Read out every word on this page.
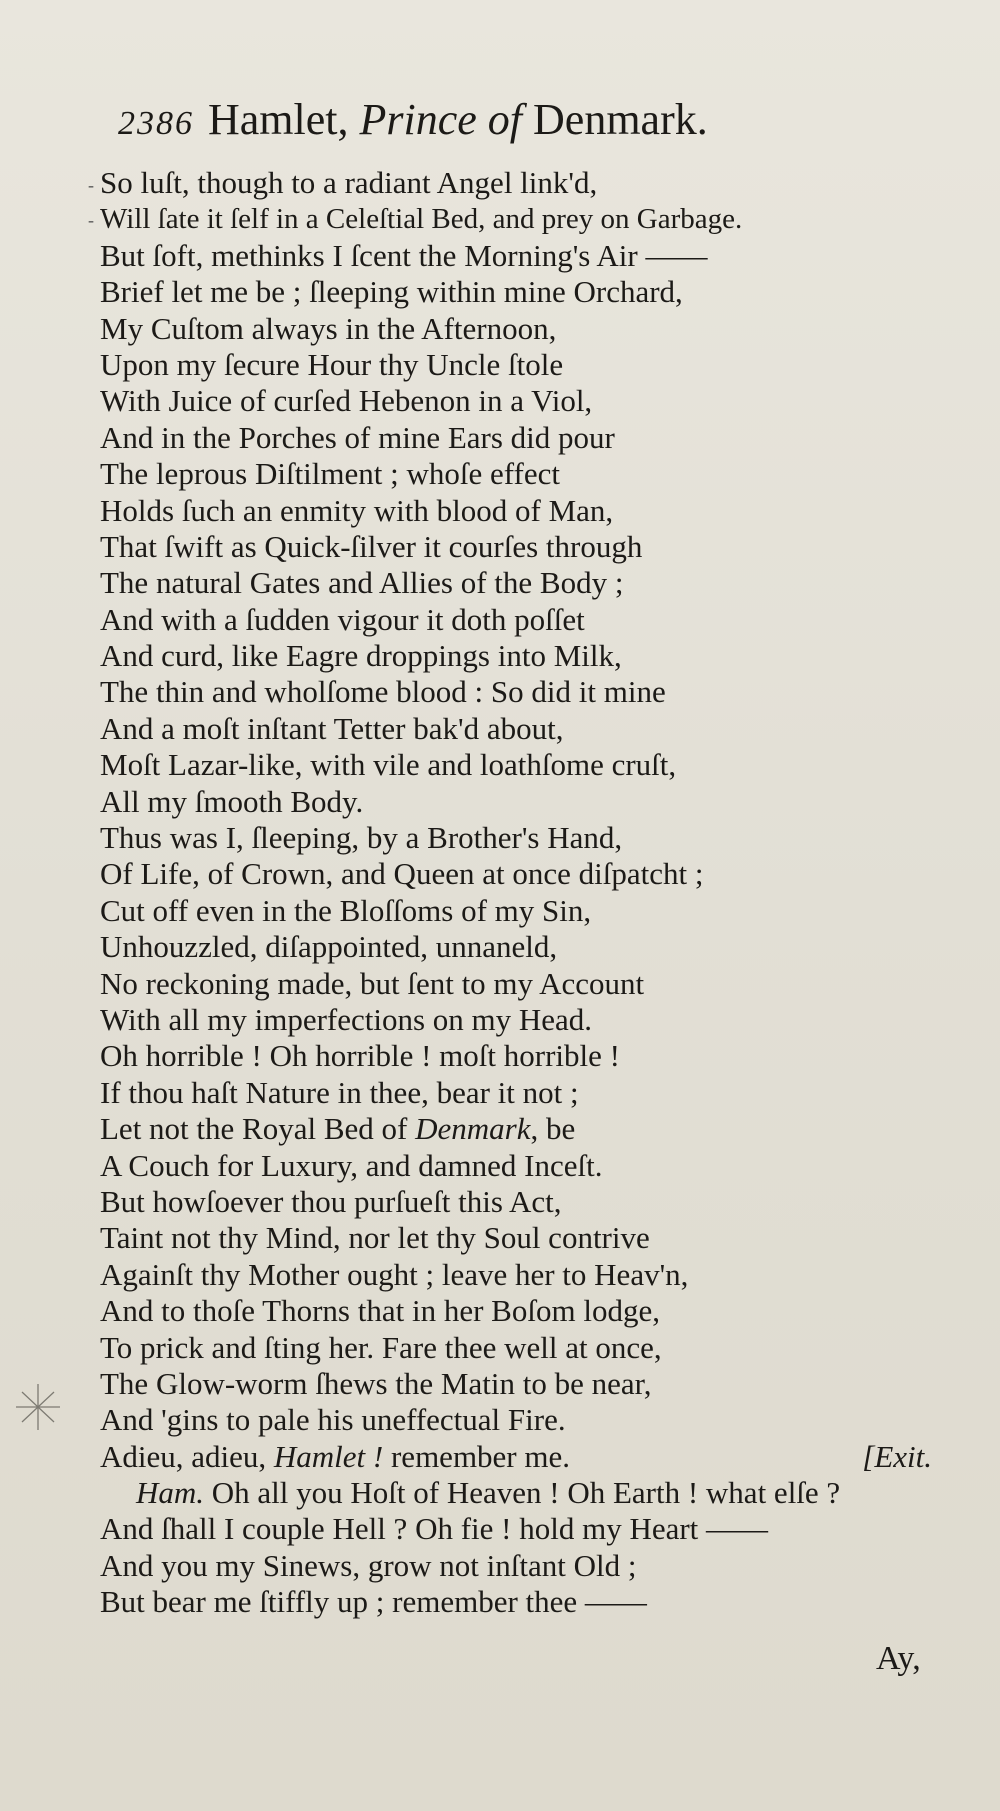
2386 Hamlet, Prince of Denmark.
-
-
So luſt, though to a radiant Angel link'd,
Will ſate it ſelf in a Celeſtial Bed, and prey on Garbage.
But ſoft, methinks I ſcent the Morning's Air ——
Brief let me be ; ſleeping within mine Orchard,
My Cuſtom always in the Afternoon,
Upon my ſecure Hour thy Uncle ſtole
With Juice of curſed Hebenon in a Viol,
And in the Porches of mine Ears did pour
The leprous Diſtilment ; whoſe effect
Holds ſuch an enmity with blood of Man,
That ſwift as Quick-ſilver it courſes through
The natural Gates and Allies of the Body ;
And with a ſudden vigour it doth poſſet
And curd, like Eagre droppings into Milk,
The thin and wholſome blood : So did it mine
And a moſt inſtant Tetter bak'd about,
Moſt Lazar-like, with vile and loathſome cruſt,
All my ſmooth Body.
Thus was I, ſleeping, by a Brother's Hand,
Of Life, of Crown, and Queen at once diſpatcht ;
Cut off even in the Bloſſoms of my Sin,
Unhouzzled, diſappointed, unnaneld,
No reckoning made, but ſent to my Account
With all my imperfections on my Head.
Oh horrible ! Oh horrible ! moſt horrible !
If thou haſt Nature in thee, bear it not ;
Let not the Royal Bed of Denmark, be
A Couch for Luxury, and damned Inceſt.
But howſoever thou purſueſt this Act,
Taint not thy Mind, nor let thy Soul contrive
Againſt thy Mother ought ; leave her to Heav'n,
And to thoſe Thorns that in her Boſom lodge,
To prick and ſting her. Fare thee well at once,
The Glow-worm ſhews the Matin to be near,
And 'gins to pale his uneffectual Fire.
Adieu, adieu, Hamlet ! remember me.	[Exit.
Ham. Oh all you Hoſt of Heaven ! Oh Earth ! what elſe ?
And ſhall I couple Hell ? Oh fie ! hold my Heart ——
And you my Sinews, grow not inſtant Old ;
But bear me ſtiffly up ; remember thee ——
Ay,
